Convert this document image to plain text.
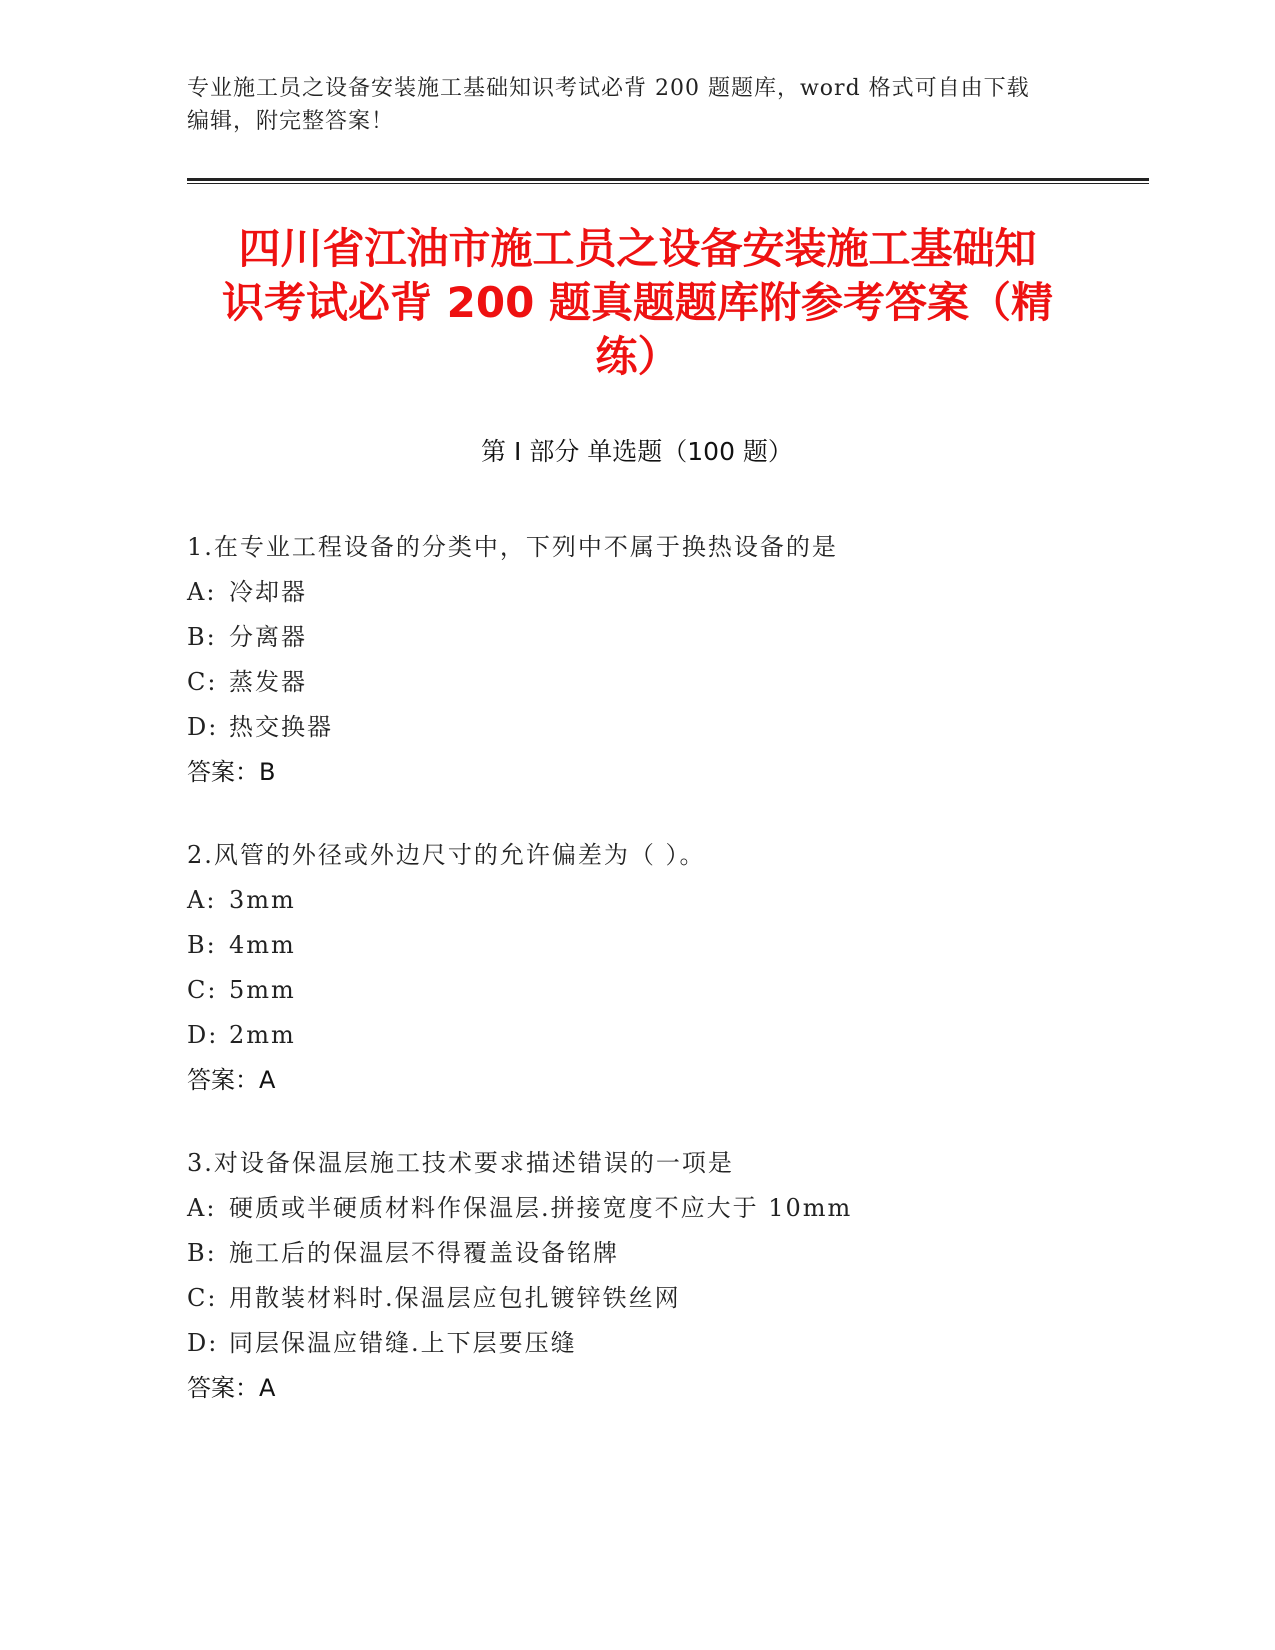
专业施工员之设备安装施工基础知识考试必背 200 题题库，word 格式可自由下载
编辑，附完整答案！
四川省江油市施工员之设备安装施工基础知
识考试必背 200 题真题题库附参考答案（精
练）
第 I 部分 单选题（100 题）
1.在专业工程设备的分类中，下列中不属于换热设备的是
A: 冷却器
B: 分离器
C: 蒸发器
D: 热交换器
答案：B
2.风管的外径或外边尺寸的允许偏差为（ ）。
A: 3mm
B: 4mm
C: 5mm
D: 2mm
答案：A
3.对设备保温层施工技术要求描述错误的一项是
A: 硬质或半硬质材料作保温层.拼接宽度不应大于 10mm
B: 施工后的保温层不得覆盖设备铭牌
C: 用散装材料时.保温层应包扎镀锌铁丝网
D: 同层保温应错缝.上下层要压缝
答案：A
